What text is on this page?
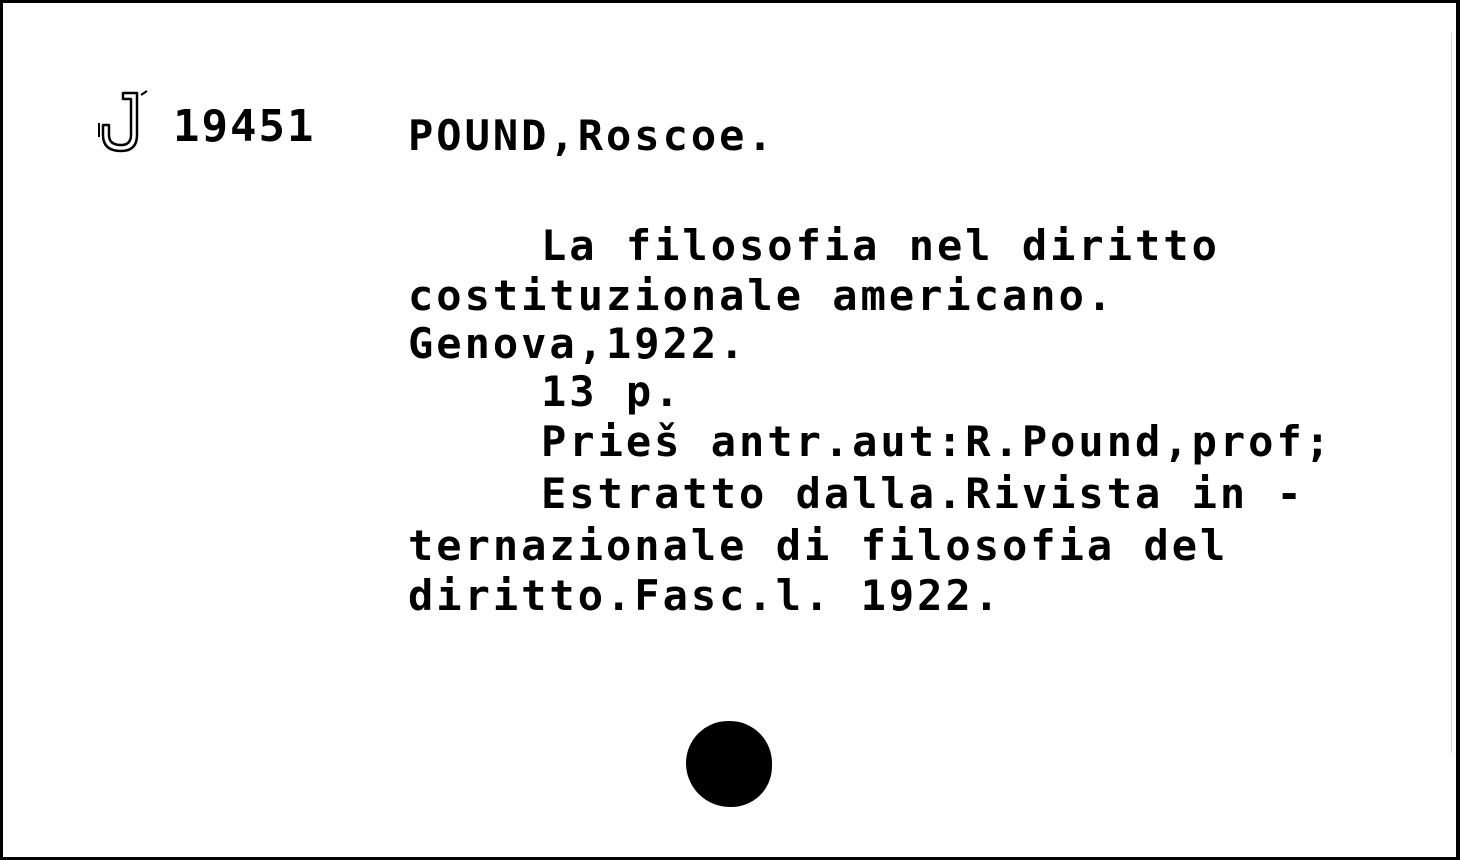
19451 POUND,Roscoe.
La filosofia nel diritto
costituzionale americano.
Genova,1922.
13 p.
Prieš antr.aut:R.Pound,prof;
Estratto dalla.Rivista in -
ternazionale di filosofia del
diritto.Fasc.l. 1922.
